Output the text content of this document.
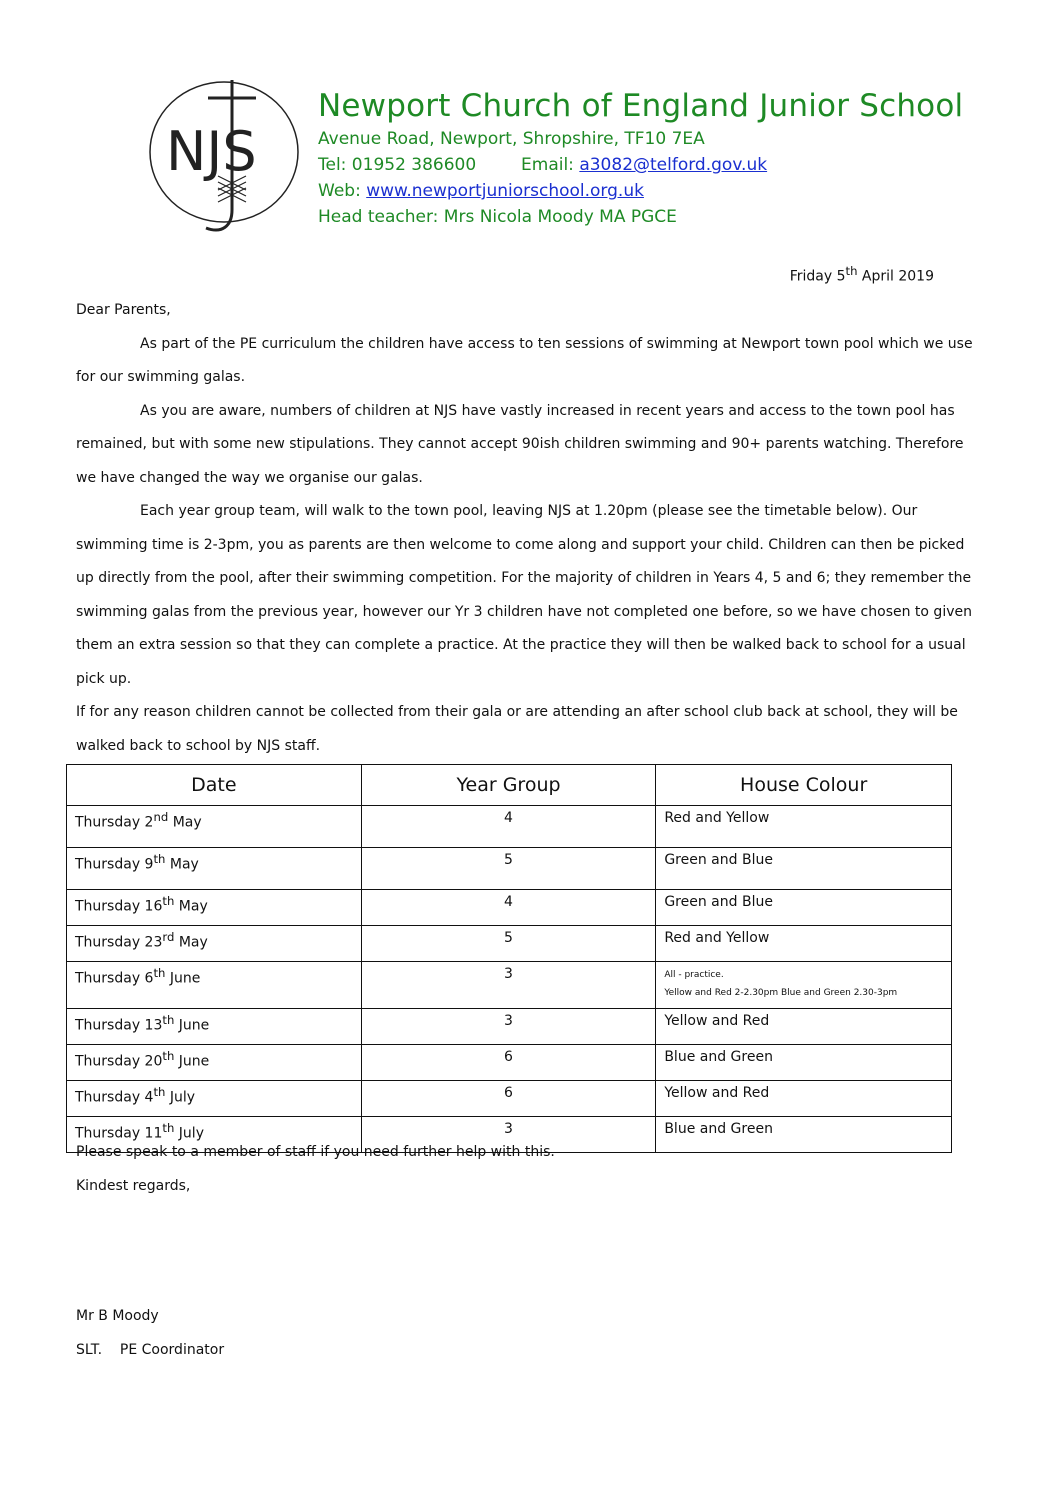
NJS
Newport Church of England Junior School
Avenue Road, Newport, Shropshire, TF10 7EA
Tel: 01952 386600	Email: a3082@telford.gov.uk
Web: www.newportjuniorschool.org.uk
Head teacher: Mrs Nicola Moody MA PGCE
Friday 5th April 2019

Dear Parents,

As part of the PE curriculum the children have access to ten sessions of swimming at Newport town pool which we use for our swimming galas.

As you are aware, numbers of children at NJS have vastly increased in recent years and access to the town pool has remained, but with some new stipulations. They cannot accept 90ish children swimming and 90+ parents watching. Therefore we have changed the way we organise our galas.

Each year group team, will walk to the town pool, leaving NJS at 1.20pm (please see the timetable below). Our swimming time is 2-3pm, you as parents are then welcome to come along and support your child. Children can then be picked up directly from the pool, after their swimming competition. For the majority of children in Years 4, 5 and 6; they remember the swimming galas from the previous year, however our Yr 3 children have not completed one before, so we have chosen to given them an extra session so that they can complete a practice. At the practice they will then be walked back to school for a usual pick up.

If for any reason children cannot be collected from their gala or are attending an after school club back at school, they will be walked back to school by NJS staff.

Date	Year Group	House Colour
Thursday 2nd May	4	Red and Yellow
Thursday 9th May	5	Green and Blue
Thursday 16th May	4	Green and Blue
Thursday 23rd May	5	Red and Yellow
Thursday 6th June	3	All - practice.
Yellow and Red 2-2.30pm Blue and Green 2.30-3pm

Thursday 13th June	3	Yellow and Red
Thursday 20th June	6	Blue and Green
Thursday 4th July	6	Yellow and Red
Thursday 11th July	3	Blue and Green

Please speak to a member of staff if you need further help with this.

Kindest regards,

Mr B Moody

SLT.    PE Coordinator
